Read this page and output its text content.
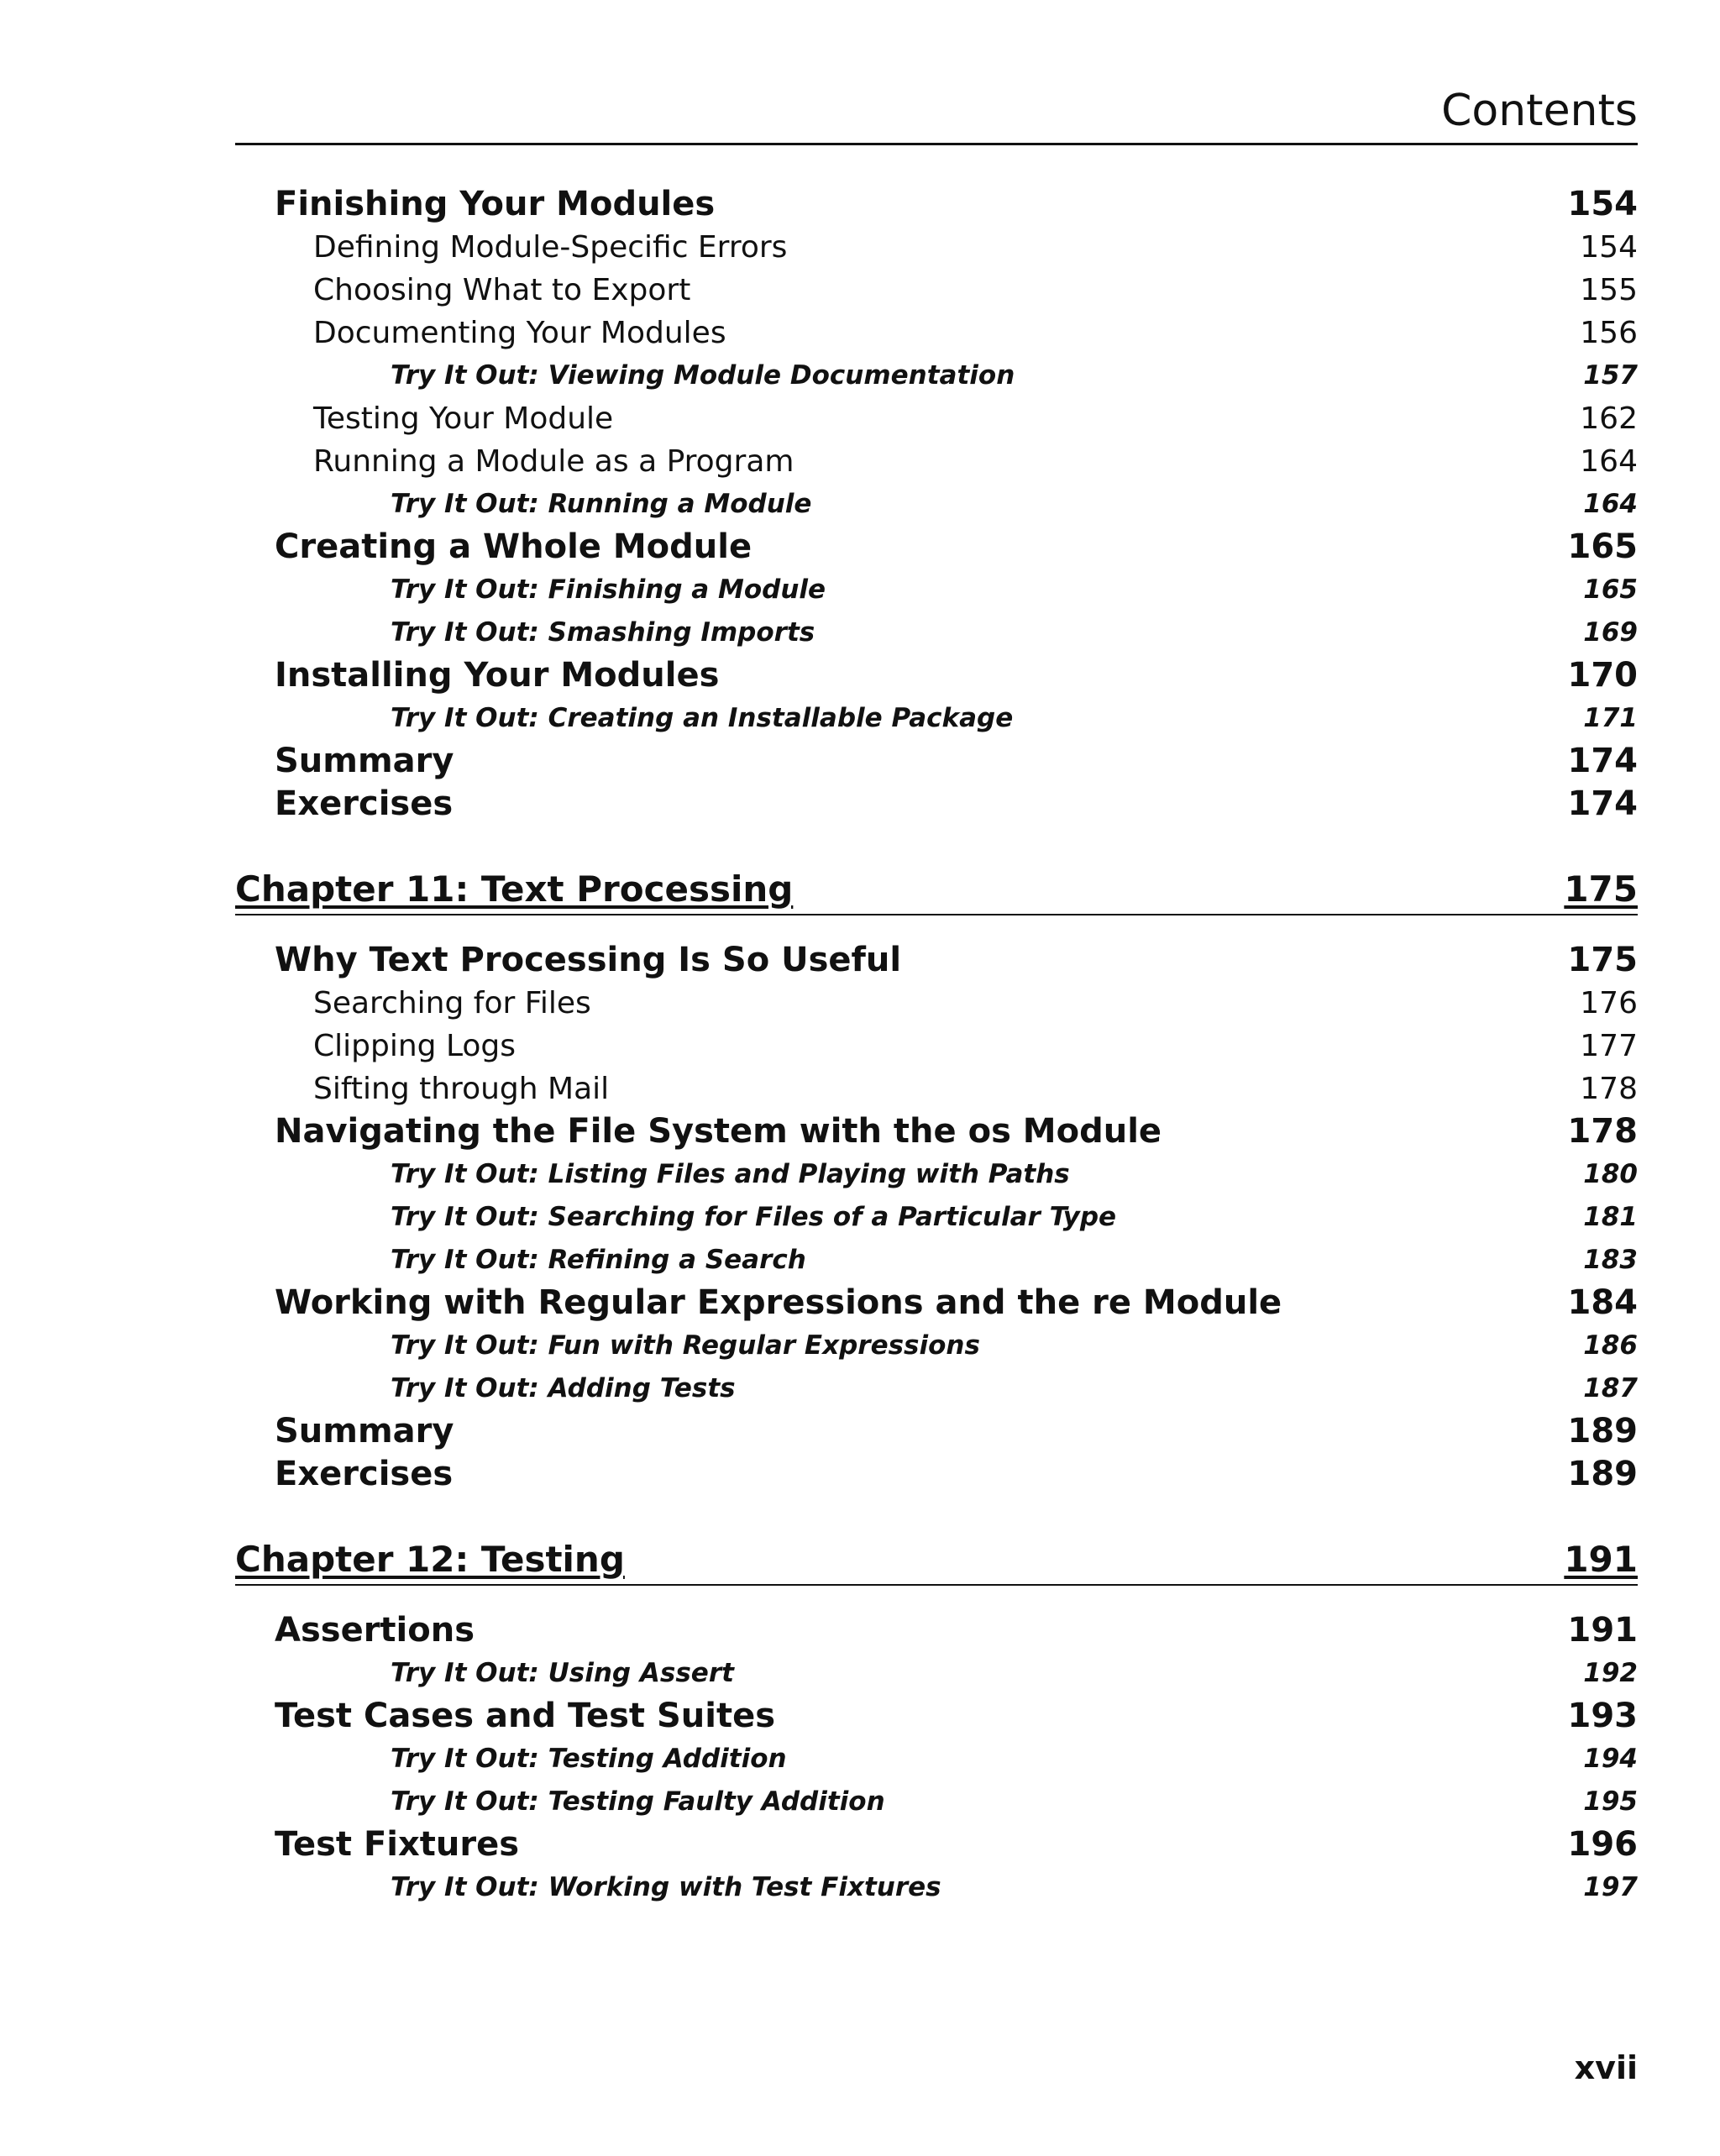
Contents
Finishing Your Modules	154
Defining Module-Specific Errors	154
Choosing What to Export	155
Documenting Your Modules	156
Try It Out: Viewing Module Documentation	157
Testing Your Module	162
Running a Module as a Program	164
Try It Out: Running a Module	164
Creating a Whole Module	165
Try It Out: Finishing a Module	165
Try It Out: Smashing Imports	169
Installing Your Modules	170
Try It Out: Creating an Installable Package	171
Summary	174
Exercises	174
Chapter 11: Text Processing	175
Why Text Processing Is So Useful	175
Searching for Files	176
Clipping Logs	177
Sifting through Mail	178
Navigating the File System with the os Module	178
Try It Out: Listing Files and Playing with Paths	180
Try It Out: Searching for Files of a Particular Type	181
Try It Out: Refining a Search	183
Working with Regular Expressions and the re Module	184
Try It Out: Fun with Regular Expressions	186
Try It Out: Adding Tests	187
Summary	189
Exercises	189
Chapter 12: Testing	191
Assertions	191
Try It Out: Using Assert	192
Test Cases and Test Suites	193
Try It Out: Testing Addition	194
Try It Out: Testing Faulty Addition	195
Test Fixtures	196
Try It Out: Working with Test Fixtures	197
xvii
